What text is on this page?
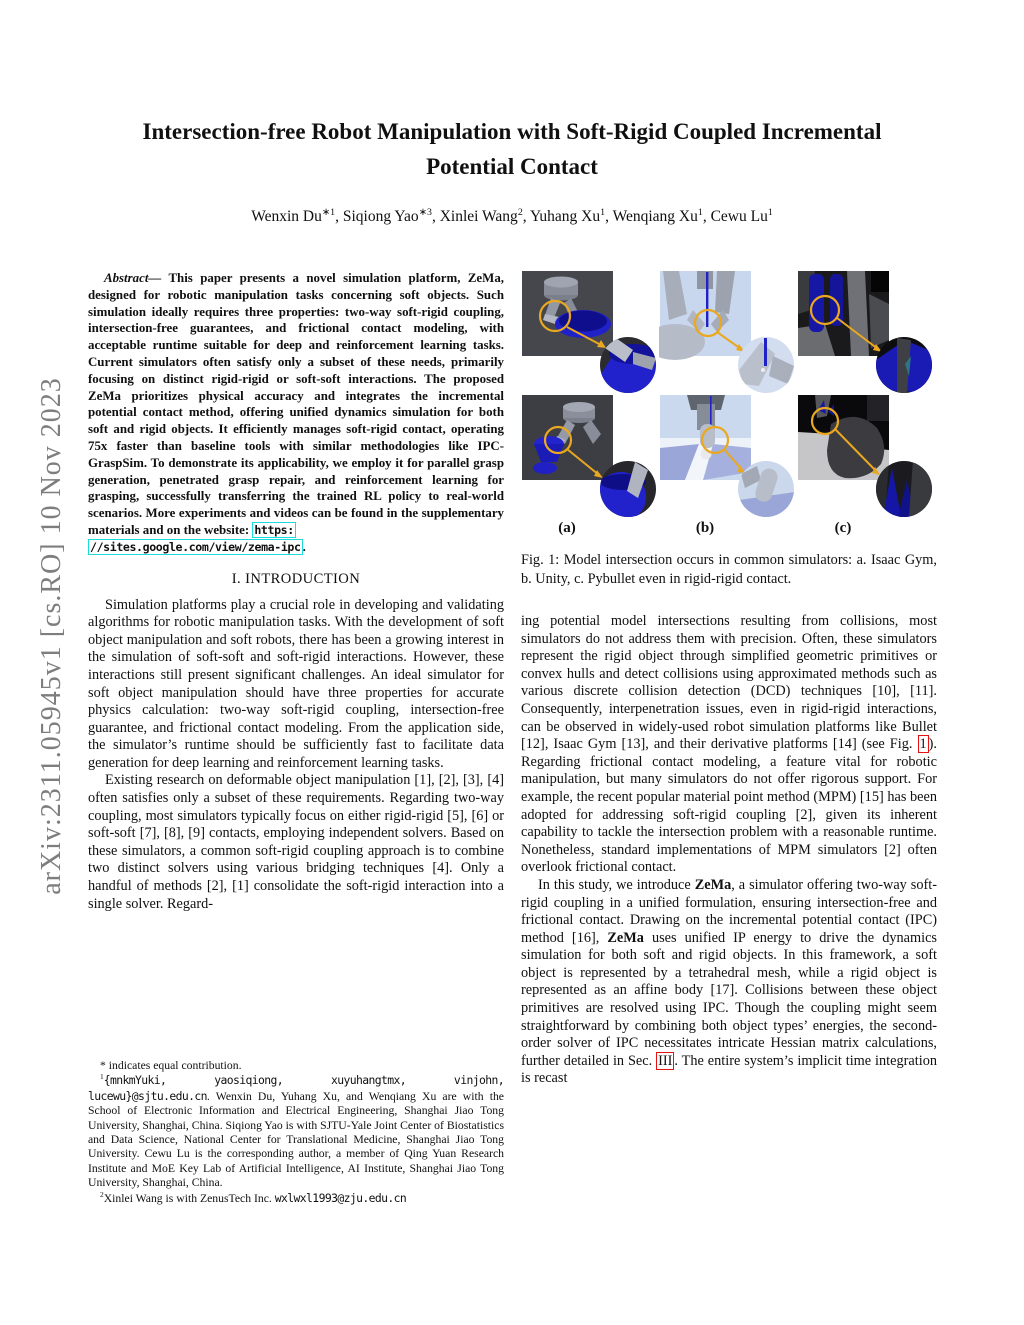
arXiv:2311.05945v1 [cs.RO] 10 Nov 2023
Intersection-free Robot Manipulation with Soft-Rigid Coupled Incremental Potential Contact
Wenxin $Du^{∗1}$, Siqiong Yao$^{∗3}$, Xinlei Wang$^2$, Yuhang Xu$^1$, Wenqiang Xu$^1$, Cewu Lu$^1$

Abstract— This paper presents a novel simulation platform, ZeMa, designed for robotic manipulation tasks concerning soft objects. Such simulation ideally requires three properties: two-way soft-rigid coupling, intersection-free guarantees, and frictional contact modeling, with acceptable runtime suitable for deep and reinforcement learning tasks. Current simulators often satisfy only a subset of these needs, primarily focusing on distinct rigid-rigid or soft-soft interactions. The proposed ZeMa prioritizes physical accuracy and integrates the incremental potential contact method, offering unified dynamics simulation for both soft and rigid objects. It efficiently manages soft-rigid contact, operating 75x faster than baseline tools with similar methodologies like IPC-GraspSim. To demonstrate its applicability, we employ it for parallel grasp generation, penetrated grasp repair, and reinforcement learning for grasping, successfully transferring the trained RL policy to real-world scenarios. More experiments and videos can be found in the supplementary materials and on the website: https:
//sites.google.com/view/zema-ipc .

I. INTRODUCTION

Simulation platforms play a crucial role in developing and validating algorithms for robotic manipulation tasks. With the development of soft object manipulation and soft robots, there has been a growing interest in the simulation of soft-soft and soft-rigid interactions. However, these interactions still present significant challenges. An ideal simulator for soft object manipulation should have three properties for accurate physics calculation: two-way soft-rigid coupling, intersection-free guarantee, and frictional contact modeling. From the application side, the simulator’s runtime should be sufficiently fast to facilitate data generation for deep learning and reinforcement learning tasks.

Existing research on deformable object manipulation [1], [2], [3], [4] often satisfies only a subset of these requirements. Regarding two-way coupling, most simulators typically focus on either rigid-rigid [5], [6] or soft-soft [7], [8], [9] contacts, employing independent solvers. Based on these simulators, a common soft-rigid coupling approach is to combine two distinct solvers using various bridging techniques [4]. Only a handful of methods [2], [1] consolidate the soft-rigid interaction into a single solver. Regard-

* indicates equal contribution.

$^1${mnkmYuki, yaosiqiong, xuyuhangtmx, vinjohn, lucewu}@sjtu.edu.cn. Wenxin Du, Yuhang Xu, and Wenqiang Xu are with the School of Electronic Information and Electrical Engineering, Shanghai Jiao Tong University, Shanghai, China. Siqiong Yao is with SJTU-Yale Joint Center of Biostatistics and Data Science, National Center for Translational Medicine, Shanghai Jiao Tong University. Cewu Lu is the corresponding author, a member of Qing Yuan Research Institute and MoE Key Lab of Artificial Intelligence, AI Institute, Shanghai Jiao Tong University, Shanghai, China.

$^2$Xinlei Wang is with ZenusTech Inc. wxlwxl1993@zju.edu.cn

(a)	(b)	(c)
Fig. 1: Model intersection occurs in common simulators: a. Isaac Gym, b. Unity, c. Pybullet even in rigid-rigid contact.

ing potential model intersections resulting from collisions, most simulators do not address them with precision. Often, these simulators represent the rigid object through simplified geometric primitives or convex hulls and detect collisions using approximated methods such as various discrete collision detection (DCD) techniques [10], [11]. Consequently, interpenetration issues, even in rigid-rigid interactions, can be observed in widely-used robot simulation platforms like Bullet [12], Isaac Gym [13], and their derivative platforms [14] (see Fig. 1 ). Regarding frictional contact modeling, a feature vital for robotic manipulation, but many simulators do not offer rigorous support. For example, the recent popular material point method (MPM) [15] has been adopted for addressing soft-rigid coupling [2], given its inherent capability to tackle the intersection problem with a reasonable runtime. Nonetheless, standard implementations of MPM simulators [2] often overlook frictional contact.

In this study, we introduce ZeMa, a simulator offering two-way soft-rigid coupling in a unified formulation, ensuring intersection-free and frictional contact. Drawing on the incremental potential contact (IPC) method [16], ZeMa uses unified IP energy to drive the dynamics simulation for both soft and rigid objects. In this framework, a soft object is represented by a tetrahedral mesh, while a rigid object is represented as an affine body [17]. Collisions between these object primitives are resolved using IPC. Though the coupling might seem straightforward by combining both object types’ energies, the second-order solver of IPC necessitates intricate Hessian matrix calculations, further detailed in Sec. III . The entire system’s implicit time integration is recast
